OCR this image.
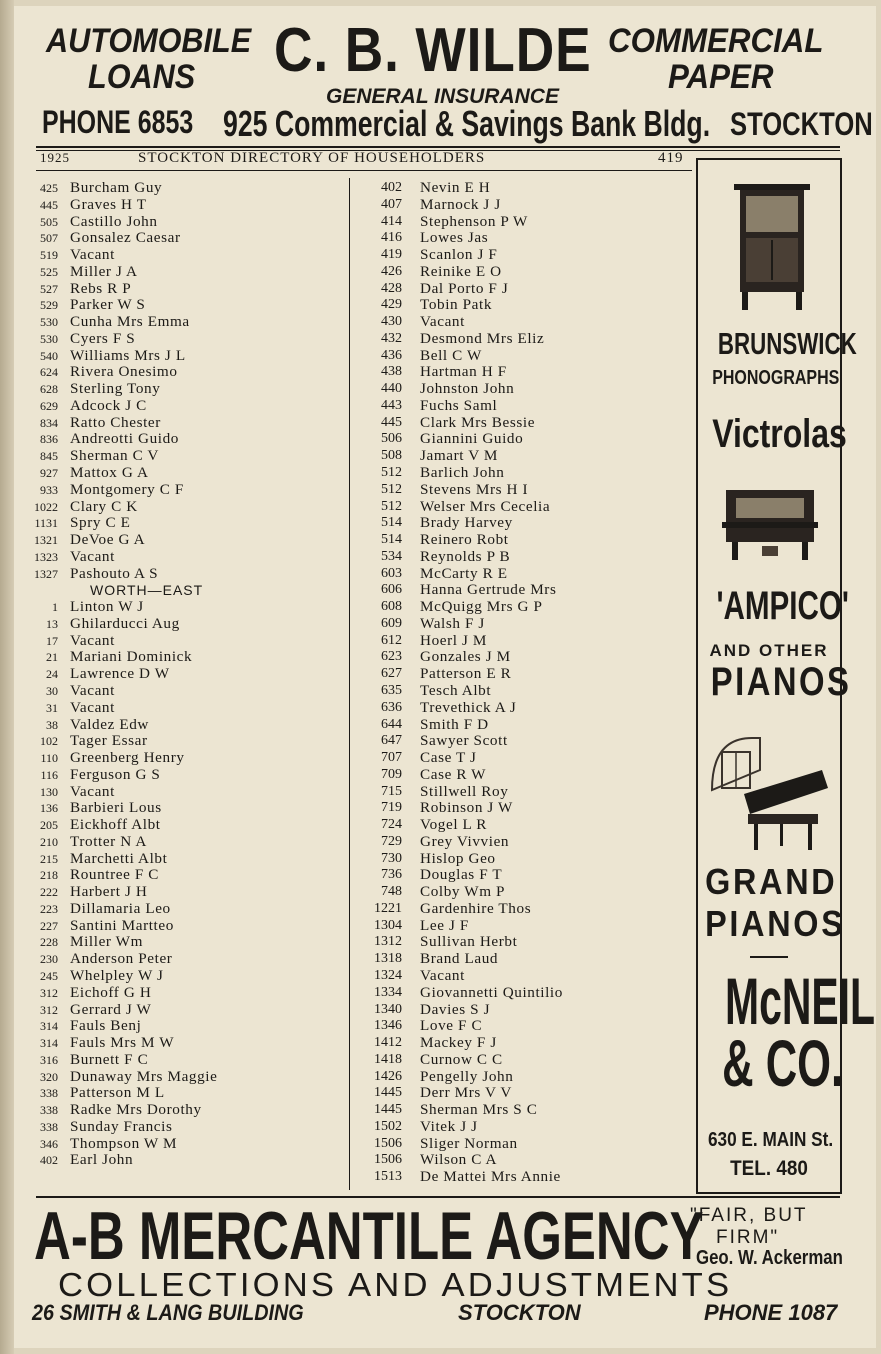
AUTOMOBILE
LOANS C. B. WILDE COMMERCIAL
PAPER
GENERAL INSURANCE
PHONE 6853 925 Commercial & Savings Bank Bldg. STOCKTON
1925	STOCKTON DIRECTORY OF HOUSEHOLDERS	419
425 Burcham Guy
445 Graves H T
505 Castillo John
507 Gonsalez Caesar
519 Vacant
525 Miller J A
527 Rebs R P
529 Parker W S
530 Cunha Mrs Emma
530 Cyers F S
540 Williams Mrs J L
624 Rivera Onesimo
628 Sterling Tony
629 Adcock J C
834 Ratto Chester
836 Andreotti Guido
845 Sherman C V
927 Mattox G A
933 Montgomery C F
1022 Clary C K
1131 Spry C E
1321 DeVoe G A
1323 Vacant
1327 Pashouto A S
WORTH—EAST
1 Linton W J
13 Ghilarducci Aug
17 Vacant
21 Mariani Dominick
24 Lawrence D W
30 Vacant
31 Vacant
38 Valdez Edw
102 Tager Essar
110 Greenberg Henry
116 Ferguson G S
130 Vacant
136 Barbieri Lous
205 Eickhoff Albt
210 Trotter N A
215 Marchetti Albt
218 Rountree F C
222 Harbert J H
223 Dillamaria Leo
227 Santini Martteo
228 Miller Wm
230 Anderson Peter
245 Whelpley W J
312 Eichoff G H
312 Gerrard J W
314 Fauls Benj
314 Fauls Mrs M W
316 Burnett F C
320 Dunaway Mrs Maggie
338 Patterson M L
338 Radke Mrs Dorothy
338 Sunday Francis
346 Thompson W M
402 Earl John
402 Nevin E H
407 Marnock J J
414 Stephenson P W
416 Lowes Jas
419 Scanlon J F
426 Reinike E O
428 Dal Porto F J
429 Tobin Patk
430 Vacant
432 Desmond Mrs Eliz
436 Bell C W
438 Hartman H F
440 Johnston John
443 Fuchs Saml
445 Clark Mrs Bessie
506 Giannini Guido
508 Jamart V M
512 Barlich John
512 Stevens Mrs H I
512 Welser Mrs Cecelia
514 Brady Harvey
514 Reinero Robt
534 Reynolds P B
603 McCarty R E
606 Hanna Gertrude Mrs
608 McQuigg Mrs G P
609 Walsh F J
612 Hoerl J M
623 Gonzales J M
627 Patterson E R
635 Tesch Albt
636 Trevethick A J
644 Smith F D
647 Sawyer Scott
707 Case T J
709 Case R W
715 Stillwell Roy
719 Robinson J W
724 Vogel L R
729 Grey Vivvien
730 Hislop Geo
736 Douglas F T
748 Colby Wm P
1221 Gardenhire Thos
1304 Lee J F
1312 Sullivan Herbt
1318 Brand Laud
1324 Vacant
1334 Giovannetti Quintilio
1340 Davies S J
1346 Love F C
1412 Mackey F J
1418 Curnow C C
1426 Pengelly John
1445 Derr Mrs V V
1445 Sherman Mrs S C
1502 Vitek J J
1506 Sliger Norman
1506 Wilson C A
1513 De Mattei Mrs Annie
BRUNSWICK
PHONOGRAPHS
Victrolas
'AMPICO'
AND OTHER
PIANOS
GRAND
PIANOS
McNEIL
& CO.
630 E. MAIN St.
TEL. 480
A-B MERCANTILE AGENCY
"FAIR, BUT
FIRM"
Geo. W. Ackerman
COLLECTIONS AND ADJUSTMENTS
26 SMITH & LANG BUILDING	STOCKTON	PHONE 1087
